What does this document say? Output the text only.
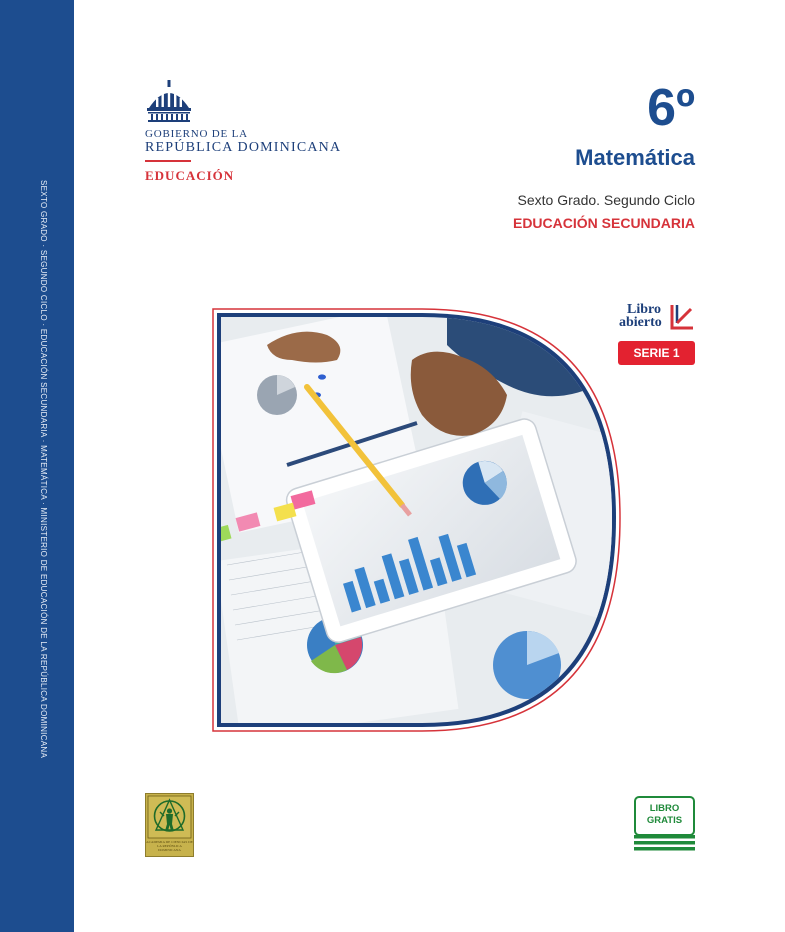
SEXTO GRADO · SEGUNDO CICLO · EDUCACIÓN SECUNDARIA · MATEMÁTICA · MINISTERIO DE EDUCACIÓN DE LA REPÚBLICA DOMINICANA
GOBIERNO DE LA
REPÚBLICA DOMINICANA
EDUCACIÓN
6º
Matemática
Sexto Grado. Segundo Ciclo
EDUCACIÓN SECUNDARIA
Libro
abierto
SERIE 1
ACADEMIA DE CIENCIAS DE LA REPÚBLICA DOMINICANA
LIBRO
GRATIS
